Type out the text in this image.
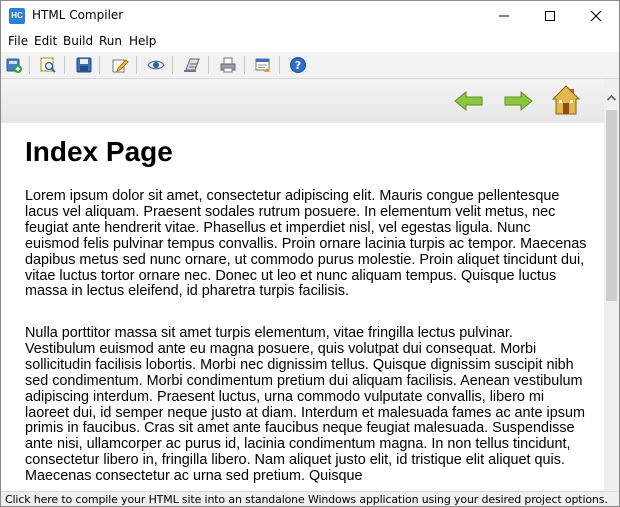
HC HTML Compiler
File Edit Build Run Help
?
Index Page

Lorem ipsum dolor sit amet, consectetur adipiscing elit. Mauris congue pellentesque lacus vel aliquam. Praesent sodales rutrum posuere. In elementum velit metus, nec feugiat ante hendrerit vitae. Phasellus et imperdiet nisl, vel egestas ligula. Nunc euismod felis pulvinar tempus convallis. Proin ornare lacinia turpis ac tempor. Maecenas dapibus metus sed nunc ornare, ut commodo purus molestie. Proin aliquet tincidunt dui, vitae luctus tortor ornare nec. Donec ut leo et nunc aliquam tempus. Quisque luctus massa in lectus eleifend, id pharetra turpis facilisis.

Nulla porttitor massa sit amet turpis elementum, vitae fringilla lectus pulvinar. Vestibulum euismod ante eu magna posuere, quis volutpat dui consequat. Morbi sollicitudin facilisis lobortis. Morbi nec dignissim tellus. Quisque dignissim suscipit nibh sed condimentum. Morbi condimentum pretium dui aliquam facilisis. Aenean vestibulum adipiscing interdum. Praesent luctus, urna commodo vulputate convallis, libero mi laoreet dui, id semper neque justo at diam. Interdum et malesuada fames ac ante ipsum primis in faucibus. Cras sit amet ante faucibus neque feugiat malesuada. Suspendisse ante nisi, ullamcorper ac purus id, lacinia condimentum magna. In non tellus tincidunt, consectetur libero in, fringilla libero. Nam aliquet justo elit, id tristique elit aliquet quis. Maecenas consectetur ac urna sed pretium. Quisque

Click here to compile your HTML site into an standalone Windows application using your desired project options.
